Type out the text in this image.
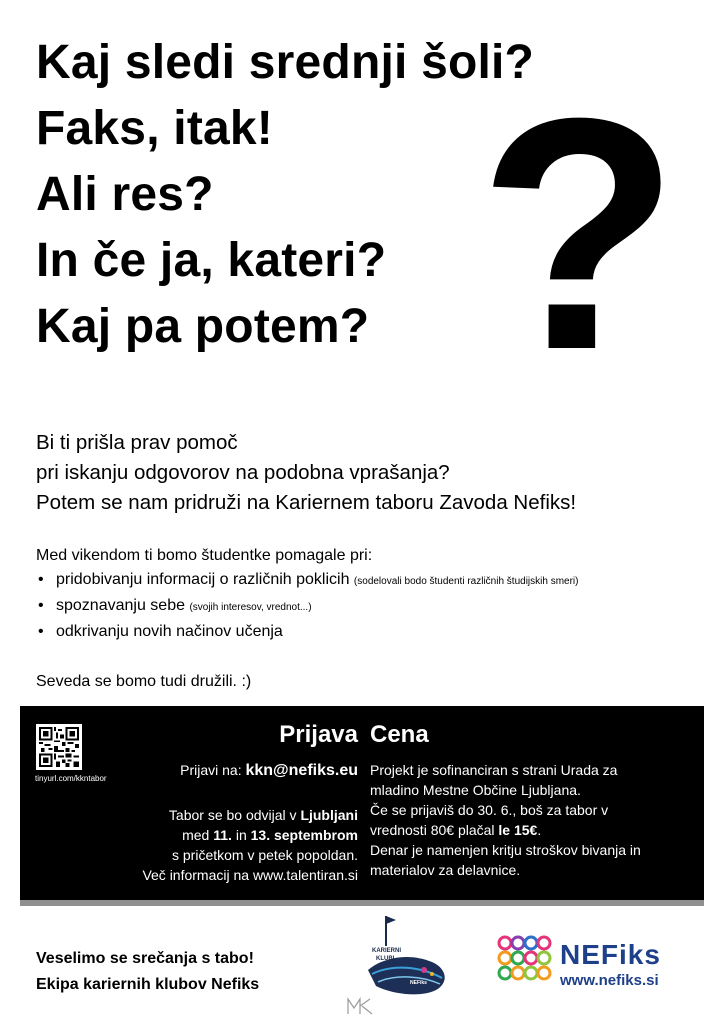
Kaj sledi srednji šoli?
Faks, itak!
Ali res?
In če ja, kateri?
Kaj pa potem? ?
Bi ti prišla prav pomoč
pri iskanju odgovorov na podobna vprašanja?
Potem se nam pridruži na Kariernem taboru Zavoda Nefiks!
Med vikendom ti bomo študentke pomagale pri:
• pridobivanju informacij o različnih poklicih (sodelovali bodo študenti različnih študijskih smeri)
• spoznavanju sebe (svojih interesov, vrednot...)
• odkrivanju novih načinov učenja
Seveda se bomo tudi družili. :)
tinyurl.com/kkntabor
Prijava
Prijavi na: kkn@nefiks.eu
Tabor se bo odvijal v Ljubljani
med 11. in 13. septembrom
s pričetkom v petek popoldan.
Več informacij na www.talentiran.si
Cena
Projekt je sofinanciran s strani Urada za
mladino Mestne Občine Ljubljana.
Če se prijaviš do 30. 6., boš za tabor v
vrednosti 80€ plačal le 15€.
Denar je namenjen kritju stroškov bivanja in
materialov za delavnice.
Veselimo se srečanja s tabo!
Ekipa kariernih klubov Nefiks
KARIERNI
KLUBI
NEFiks
NEFiks
www.nefiks.si
